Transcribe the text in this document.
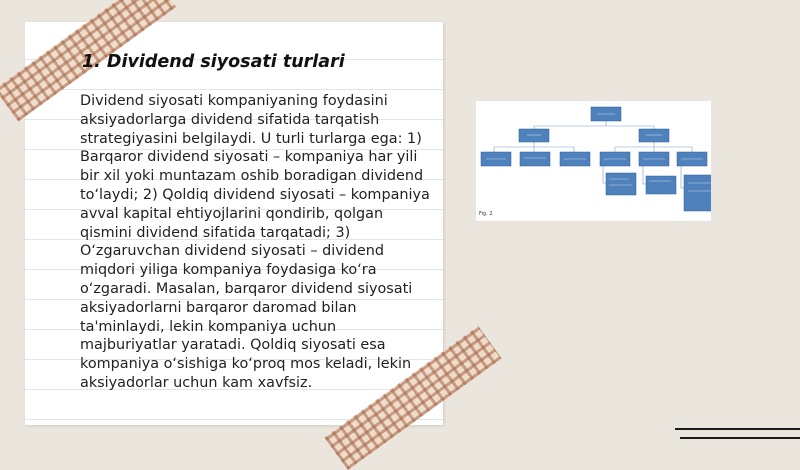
1. Dividend siyosati turlari

Dividend siyosati kompaniyaning foydasini aksiyadorlarga dividend sifatida tarqatish strategiyasini belgilaydi. U turli turlarga ega: 1) Barqaror dividend siyosati – kompaniya har yili bir xil yoki muntazam oshib boradigan dividend to‘laydi; 2) Qoldiq dividend siyosati – kompaniya avval kapital ehtiyojlarini qondirib, qolgan qismini dividend sifatida tarqatadi; 3) O‘zgaruvchan dividend siyosati – dividend miqdori yiliga kompaniya foydasiga ko‘ra o‘zgaradi. Masalan, barqaror dividend siyosati aksiyadorlarni barqaror daromad bilan ta'minlaydi, lekin kompaniya uchun majburiyatlar yaratadi. Qoldiq siyosati esa kompaniya o‘sishiga ko‘proq mos keladi, lekin aksiyadorlar uchun kam xavfsiz.

Fig. 2
